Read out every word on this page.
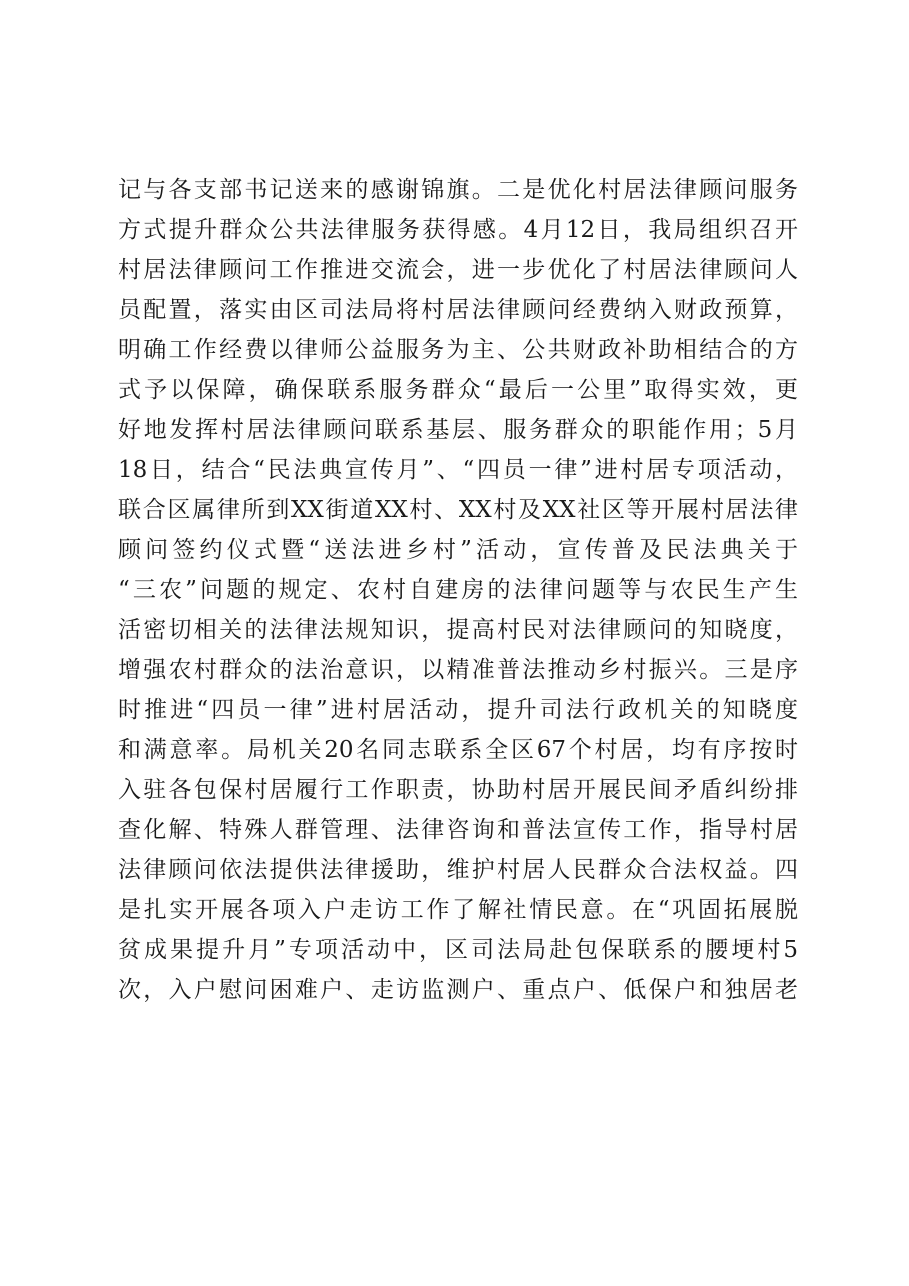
记与各支部书记送来的感谢锦旗。二是优化村居法律顾问服务
方式提升群众公共法律服务获得感。4月12日，我局组织召开
村居法律顾问工作推进交流会，进一步优化了村居法律顾问人
员配置，落实由区司法局将村居法律顾问经费纳入财政预算，
明确工作经费以律师公益服务为主、公共财政补助相结合的方
式予以保障，确保联系服务群众“最后一公里”取得实效，更
好地发挥村居法律顾问联系基层、服务群众的职能作用；5月
18日，结合“民法典宣传月”、“四员一律”进村居专项活动，
联合区属律所到XX街道XX村、XX村及XX社区等开展村居法律
顾问签约仪式暨“送法进乡村”活动，宣传普及民法典关于
“三农”问题的规定、农村自建房的法律问题等与农民生产生
活密切相关的法律法规知识，提高村民对法律顾问的知晓度，
增强农村群众的法治意识，以精准普法推动乡村振兴。三是序
时推进“四员一律”进村居活动，提升司法行政机关的知晓度
和满意率。局机关20名同志联系全区67个村居，均有序按时
入驻各包保村居履行工作职责，协助村居开展民间矛盾纠纷排
查化解、特殊人群管理、法律咨询和普法宣传工作，指导村居
法律顾问依法提供法律援助，维护村居人民群众合法权益。四
是扎实开展各项入户走访工作了解社情民意。在“巩固拓展脱
贫成果提升月”专项活动中，区司法局赴包保联系的腰埂村5
次，入户慰问困难户、走访监测户、重点户、低保户和独居老
